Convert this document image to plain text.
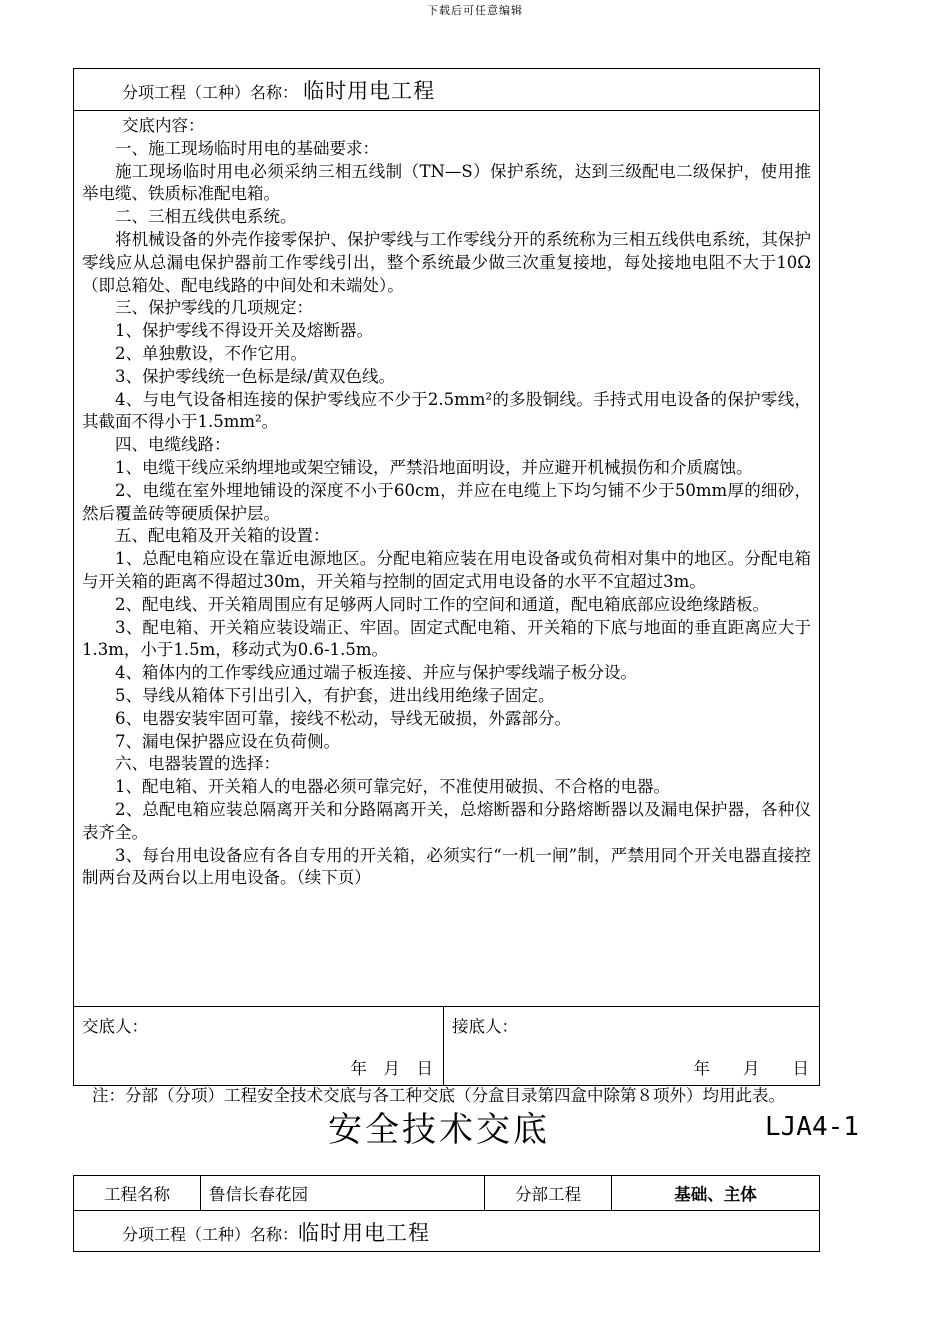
下载后可任意编辑
分项工程（工种）名称： 临时用电工程

交底内容：

一、施工现场临时用电的基础要求：

施工现场临时用电必须采纳三相五线制（TN—S）保护系统，达到三级配电二级保护，使用推举电缆、铁质标准配电箱。

二、三相五线供电系统。

将机械设备的外壳作接零保护、保护零线与工作零线分开的系统称为三相五线供电系统，其保护零线应从总漏电保护器前工作零线引出，整个系统最少做三次重复接地，每处接地电阻不大于10Ω（即总箱处、配电线路的中间处和未端处）。

三、保护零线的几项规定：

1、保护零线不得设开关及熔断器。

2、单独敷设，不作它用。

3、保护零线统一色标是绿/黄双色线。

4、与电气设备相连接的保护零线应不少于2.5mm²的多股铜线。手持式用电设备的保护零线，其截面不得小于1.5mm²。

四、电缆线路：

1、电缆干线应采纳埋地或架空铺设，严禁沿地面明设，并应避开机械损伤和介质腐蚀。

2、电缆在室外埋地铺设的深度不小于60cm，并应在电缆上下均匀铺不少于50mm厚的细砂，然后覆盖砖等硬质保护层。

五、配电箱及开关箱的设置：

1、总配电箱应设在靠近电源地区。分配电箱应装在用电设备或负荷相对集中的地区。分配电箱与开关箱的距离不得超过30m，开关箱与控制的固定式用电设备的水平不宜超过3m。

2、配电线、开关箱周围应有足够两人同时工作的空间和通道，配电箱底部应设绝缘踏板。

3、配电箱、开关箱应装设端正、牢固。固定式配电箱、开关箱的下底与地面的垂直距离应大于1.3m，小于1.5m，移动式为0.6-1.5m。

4、箱体内的工作零线应通过端子板连接、并应与保护零线端子板分设。

5、导线从箱体下引出引入，有护套，进出线用绝缘子固定。

6、电器安装牢固可靠，接线不松动，导线无破损，外露部分。

7、漏电保护器应设在负荷侧。

六、电器装置的选择：

1、配电箱、开关箱人的电器必须可靠完好，不准使用破损、不合格的电器。

2、总配电箱应装总隔离开关和分路隔离开关，总熔断器和分路熔断器以及漏电保护器，各种仪表齐全。

3、每台用电设备应有各自专用的开关箱，必须实行“一机一闸”制，严禁用同个开关电器直接控制两台及两台以上用电设备。（续下页）

交底人：
年　月　日

接底人：
年　　月　　日
注：分部（分项）工程安全技术交底与各工种交底（分盒目录第四盒中除第８项外）均用此表。
安全技术交底	LJA4-1
工程名称	鲁信长春花园	分部工程	基础、主体

分项工程（工种）名称：临时用电工程
